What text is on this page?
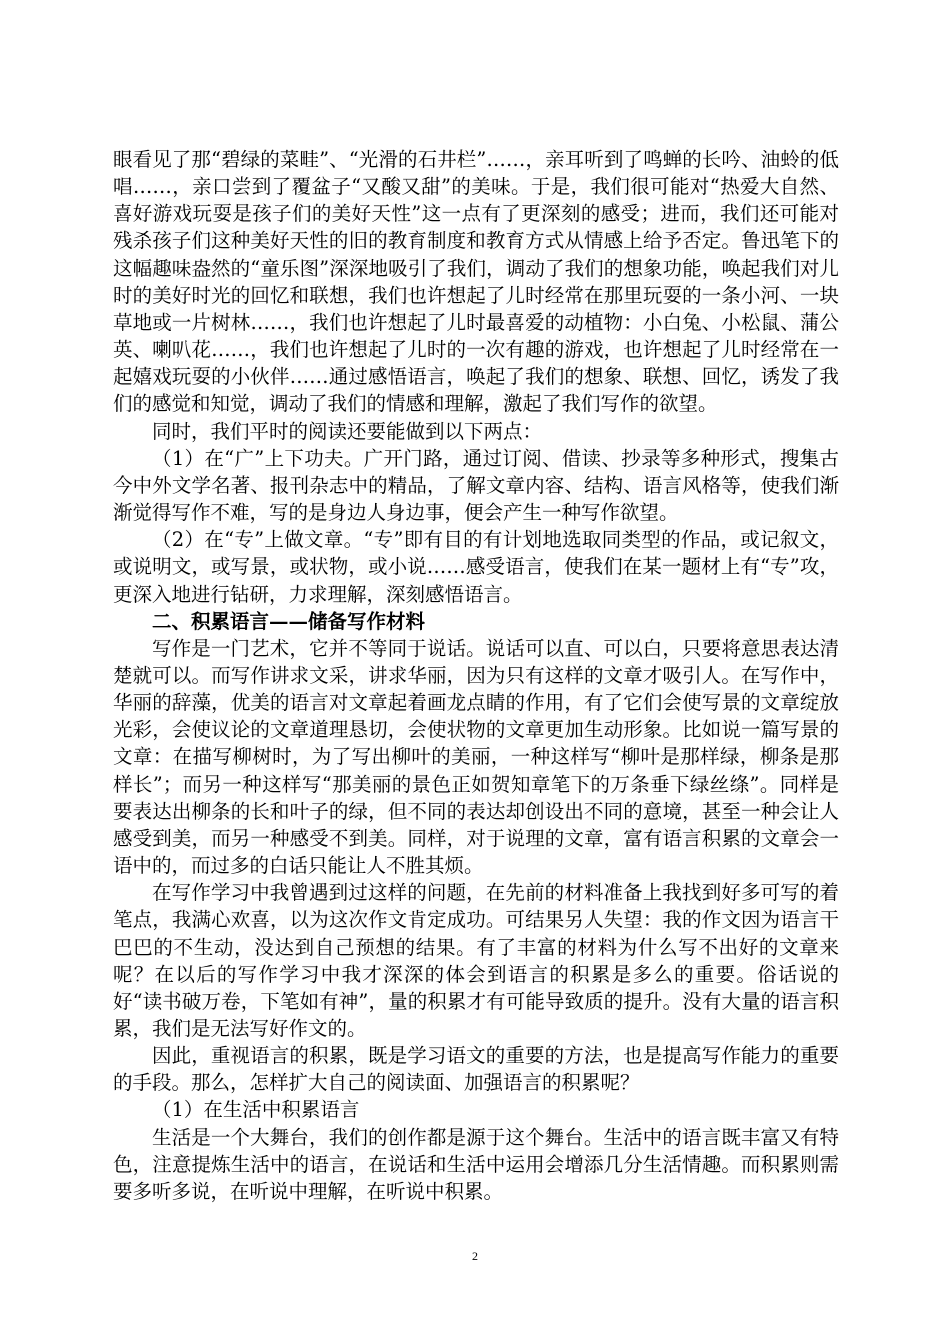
眼看见了那“碧绿的菜畦”、“光滑的石井栏”……，亲耳听到了鸣蝉的长吟、油蛉的低唱……，亲口尝到了覆盆子“又酸又甜”的美味。于是，我们很可能对“热爱大自然、喜好游戏玩耍是孩子们的美好天性”这一点有了更深刻的感受；进而，我们还可能对残杀孩子们这种美好天性的旧的教育制度和教育方式从情感上给予否定。鲁迅笔下的这幅趣味盎然的“童乐图”深深地吸引了我们，调动了我们的想象功能，唤起我们对儿时的美好时光的回忆和联想，我们也许想起了儿时经常在那里玩耍的一条小河、一块草地或一片树林……，我们也许想起了儿时最喜爱的动植物：小白兔、小松鼠、蒲公英、喇叭花……，我们也许想起了儿时的一次有趣的游戏，也许想起了儿时经常在一起嬉戏玩耍的小伙伴……通过感悟语言，唤起了我们的想象、联想、回忆，诱发了我们的感觉和知觉，调动了我们的情感和理解，激起了我们写作的欲望。

同时，我们平时的阅读还要能做到以下两点：

（1）在“广”上下功夫。广开门路，通过订阅、借读、抄录等多种形式，搜集古今中外文学名著、报刊杂志中的精品，了解文章内容、结构、语言风格等，使我们渐渐觉得写作不难，写的是身边人身边事，便会产生一种写作欲望。

（2）在“专”上做文章。“专”即有目的有计划地选取同类型的作品，或记叙文，或说明文，或写景，或状物，或小说……感受语言，使我们在某一题材上有“专”攻，更深入地进行钻研，力求理解，深刻感悟语言。

二、积累语言——储备写作材料

写作是一门艺术，它并不等同于说话。说话可以直、可以白，只要将意思表达清楚就可以。而写作讲求文采，讲求华丽，因为只有这样的文章才吸引人。在写作中，华丽的辞藻，优美的语言对文章起着画龙点睛的作用，有了它们会使写景的文章绽放光彩，会使议论的文章道理恳切，会使状物的文章更加生动形象。比如说一篇写景的文章：在描写柳树时，为了写出柳叶的美丽，一种这样写“柳叶是那样绿，柳条是那样长”；而另一种这样写“那美丽的景色正如贺知章笔下的万条垂下绿丝绦”。同样是要表达出柳条的长和叶子的绿，但不同的表达却创设出不同的意境，甚至一种会让人感受到美，而另一种感受不到美。同样，对于说理的文章，富有语言积累的文章会一语中的，而过多的白话只能让人不胜其烦。

在写作学习中我曾遇到过这样的问题，在先前的材料准备上我找到好多可写的着笔点，我满心欢喜，以为这次作文肯定成功。可结果另人失望：我的作文因为语言干巴巴的不生动，没达到自己预想的结果。有了丰富的材料为什么写不出好的文章来呢？在以后的写作学习中我才深深的体会到语言的积累是多么的重要。俗话说的好“读书破万卷，下笔如有神”，量的积累才有可能导致质的提升。没有大量的语言积累，我们是无法写好作文的。

因此，重视语言的积累，既是学习语文的重要的方法，也是提高写作能力的重要的手段。那么，怎样扩大自己的阅读面、加强语言的积累呢？

（1）在生活中积累语言

生活是一个大舞台，我们的创作都是源于这个舞台。生活中的语言既丰富又有特色，注意提炼生活中的语言，在说话和生活中运用会增添几分生活情趣。而积累则需要多听多说，在听说中理解，在听说中积累。

2
